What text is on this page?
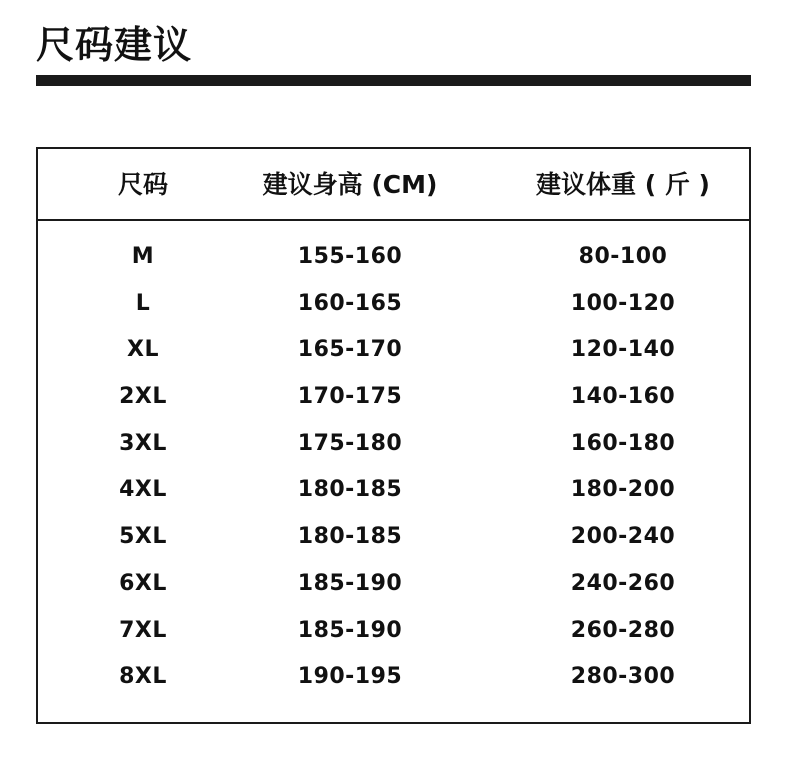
尺码建议
尺码	建议身高 (CM)	建议体重 ( 斤 )
M	155-160	80-100
L	160-165	100-120
XL	165-170	120-140
2XL	170-175	140-160
3XL	175-180	160-180
4XL	180-185	180-200
5XL	180-185	200-240
6XL	185-190	240-260
7XL	185-190	260-280
8XL	190-195	280-300
